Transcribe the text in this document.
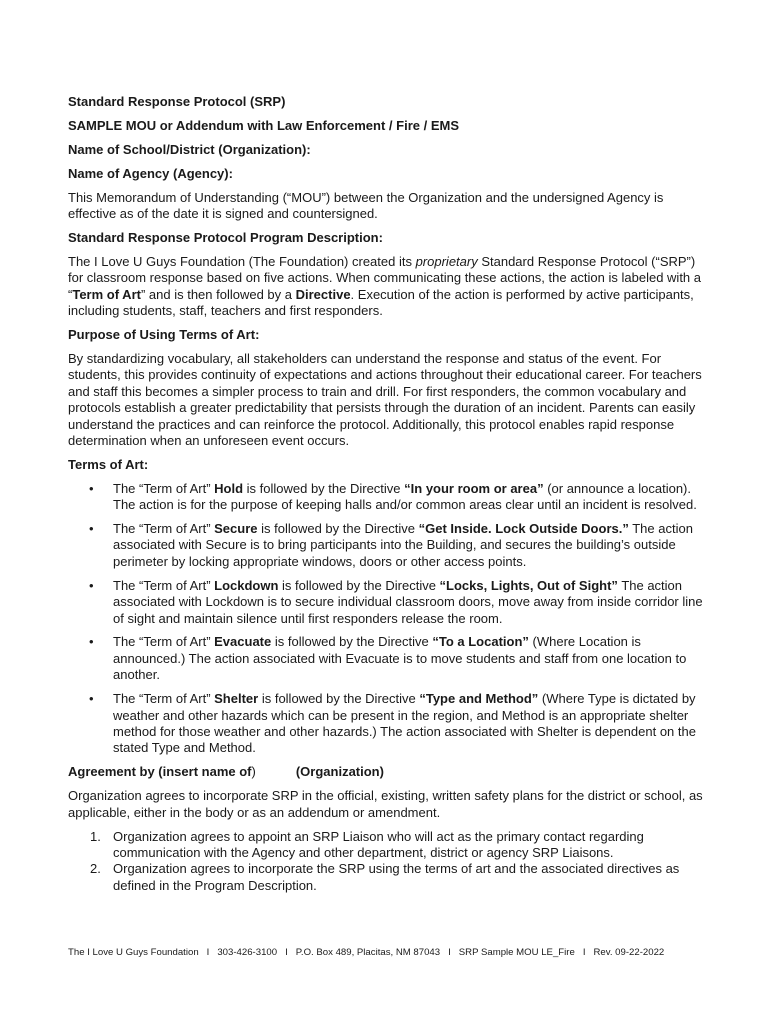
Standard Response Protocol (SRP)
SAMPLE MOU or Addendum with Law Enforcement / Fire / EMS
Name of School/District (Organization):
Name of Agency (Agency):
This Memorandum of Understanding (“MOU”) between the Organization and the undersigned Agency is effective as of the date it is signed and countersigned.
Standard Response Protocol Program Description:
The I Love U Guys Foundation (The Foundation) created its proprietary Standard Response Protocol (“SRP”) for classroom response based on five actions. When communicating these actions, the action is labeled with a “Term of Art” and is then followed by a Directive. Execution of the action is performed by active participants, including students, staff, teachers and first responders.
Purpose of Using Terms of Art:
By standardizing vocabulary, all stakeholders can understand the response and status of the event. For students, this provides continuity of expectations and actions throughout their educational career. For teachers and staff this becomes a simpler process to train and drill. For first responders, the common vocabulary and protocols establish a greater predictability that persists through the duration of an incident. Parents can easily understand the practices and can reinforce the protocol. Additionally, this protocol enables rapid response determination when an unforeseen event occurs.
Terms of Art:
• The “Term of Art” Hold is followed by the Directive “In your room or area” (or announce a location). The action is for the purpose of keeping halls and/or common areas clear until an incident is resolved.
• The “Term of Art” Secure is followed by the Directive “Get Inside. Lock Outside Doors.” The action associated with Secure is to bring participants into the Building, and secures the building’s outside perimeter by locking appropriate windows, doors or other access points.
• The “Term of Art” Lockdown is followed by the Directive “Locks, Lights, Out of Sight” The action associated with Lockdown is to secure individual classroom doors, move away from inside corridor line of sight and maintain silence until first responders release the room.
• The “Term of Art” Evacuate is followed by the Directive “To a Location” (Where Location is announced.) The action associated with Evacuate is to move students and staff from one location to another.
• The “Term of Art” Shelter is followed by the Directive “Type and Method” (Where Type is dictated by weather and other hazards which can be present in the region, and Method is an appropriate shelter method for those weather and other hazards.) The action associated with Shelter is dependent on the stated Type and Method.
Agreement by (insert name of)	(Organization)
Organization agrees to incorporate SRP in the official, existing, written safety plans for the district or school, as applicable, either in the body or as an addendum or amendment.
1. Organization agrees to appoint an SRP Liaison who will act as the primary contact regarding communication with the Agency and other department, district or agency SRP Liaisons.
2. Organization agrees to incorporate the SRP using the terms of art and the associated directives as defined in the Program Description.
The I Love U Guys Foundation I 303-426-3100 I P.O. Box 489, Placitas, NM 87043 I SRP Sample MOU LE_Fire I Rev. 09-22-2022
